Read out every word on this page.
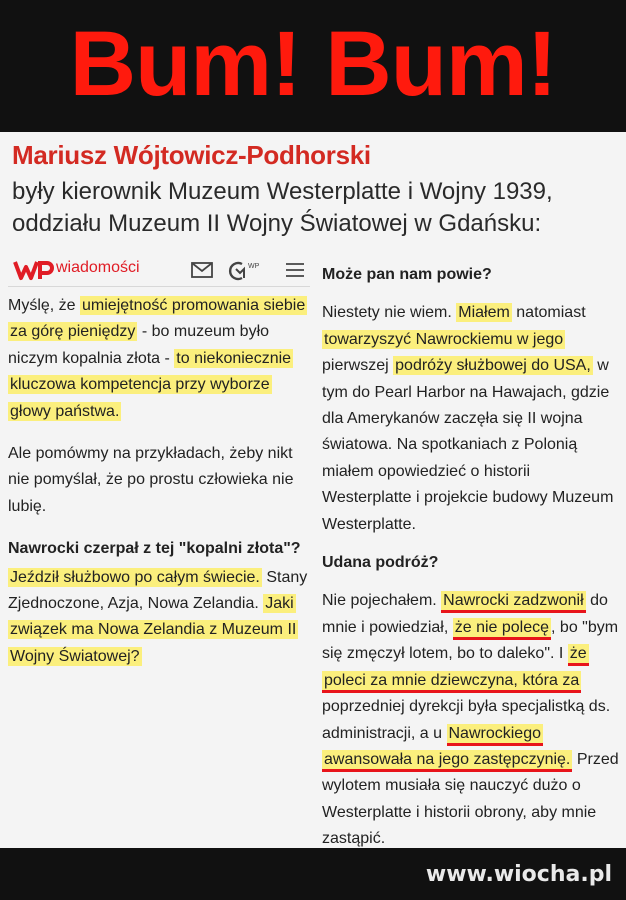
Bum! Bum!
Mariusz Wójtowicz-Podhorski
były kierownik Muzeum Westerplatte i Wojny 1939, oddziału Muzeum II Wojny Światowej w Gdańsku:
wiadomości	WP

Myślę, że umiejętność promowania siebie za górę pieniędzy - bo muzeum było niczym kopalnia złota - to niekoniecznie kluczowa kompetencja przy wyborze głowy państwa.

Ale pomówmy na przykładach, żeby nikt nie pomyślał, że po prostu człowieka nie lubię.

Nawrocki czerpał z tej "kopalni złota"?

Jeździł służbowo po całym świecie. Stany Zjednoczone, Azja, Nowa Zelandia. Jaki związek ma Nowa Zelandia z Muzeum II Wojny Światowej?

Może pan nam powie?

Niestety nie wiem. Miałem natomiast towarzyszyć Nawrockiemu w jego pierwszej podróży służbowej do USA, w tym do Pearl Harbor na Hawajach, gdzie dla Amerykanów zaczęła się II wojna światowa. Na spotkaniach z Polonią miałem opowiedzieć o historii Westerplatte i projekcie budowy Muzeum Westerplatte.

Udana podróż?

Nie pojechałem. Nawrocki zadzwonił do mnie i powiedział, że nie polecę , bo "bym się zmęczył lotem, bo to daleko". I że poleci za mnie dziewczyna, która za poprzedniej dyrekcji była specjalistką ds. administracji, a u Nawrockiego awansowała na jego zastępczynię. Przed wylotem musiała się nauczyć dużo o Westerplatte i historii obrony, aby mnie zastąpić.

www.wiocha.pl
